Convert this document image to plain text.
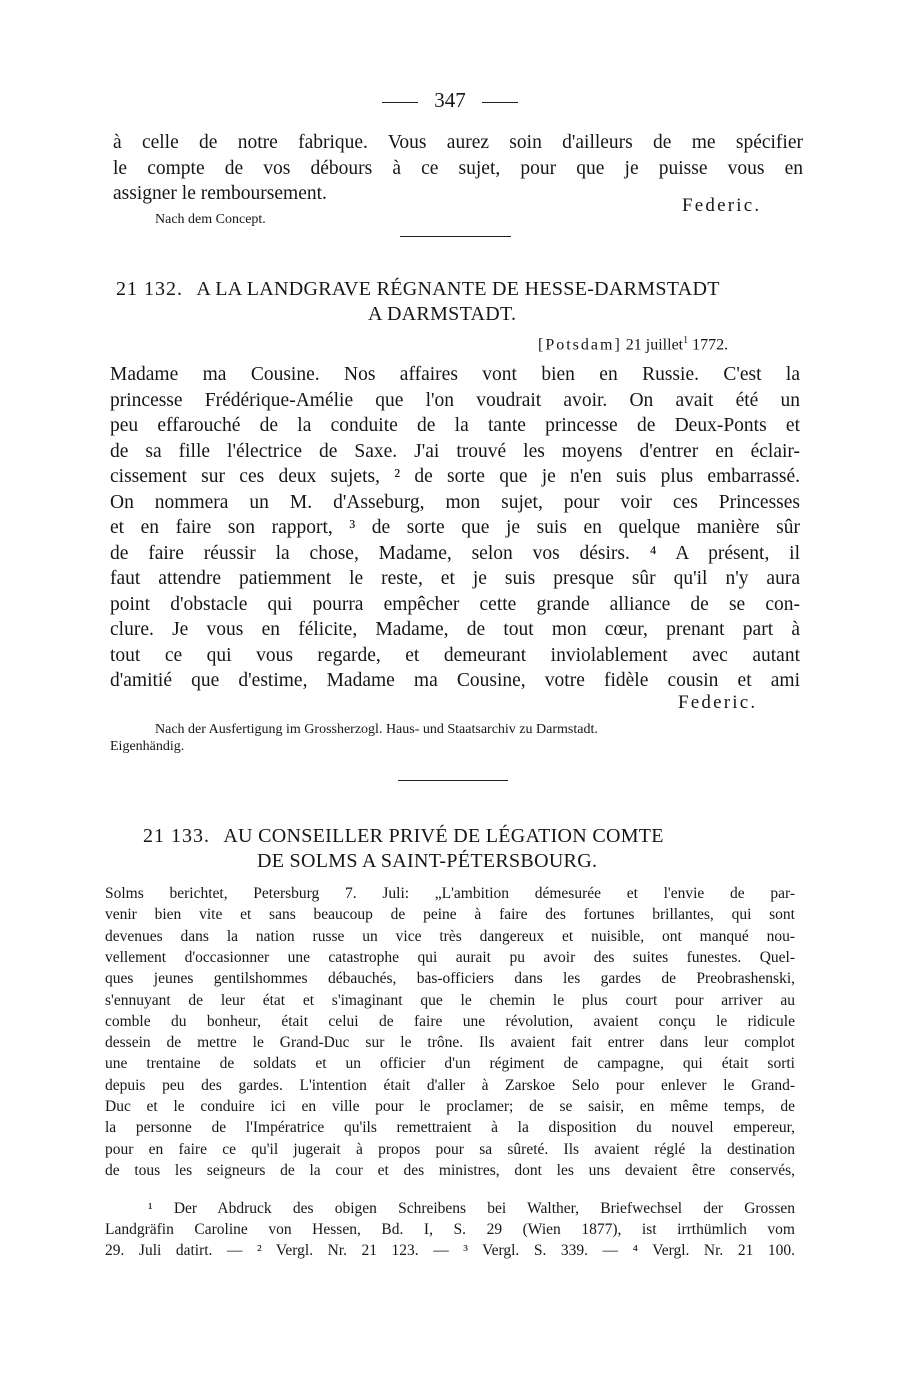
347
à celle de notre fabrique. Vous aurez soin d'ailleurs de me spécifier
le compte de vos débours à ce sujet, pour que je puisse vous en
assigner le remboursement.
Federic.
Nach dem Concept.
21 132. A LA LANDGRAVE RÉGNANTE DE HESSE-DARMSTADT
A DARMSTADT.
[Potsdam] 21 juillet$^1$ 1772.
Madame ma Cousine. Nos affaires vont bien en Russie. C'est la
princesse Frédérique-Amélie que l'on voudrait avoir. On avait été un
peu effarouché de la conduite de la tante princesse de Deux-Ponts et
de sa fille l'électrice de Saxe. J'ai trouvé les moyens d'entrer en éclair-
cissement sur ces deux sujets, ² de sorte que je n'en suis plus embarrassé.
On nommera un M. d'Asseburg, mon sujet, pour voir ces Princesses
et en faire son rapport, ³ de sorte que je suis en quelque manière sûr
de faire réussir la chose, Madame, selon vos désirs. ⁴ A présent, il
faut attendre patiemment le reste, et je suis presque sûr qu'il n'y aura
point d'obstacle qui pourra empêcher cette grande alliance de se con-
clure. Je vous en félicite, Madame, de tout mon cœur, prenant part à
tout ce qui vous regarde, et demeurant inviolablement avec autant
d'amitié que d'estime, Madame ma Cousine, votre fidèle cousin et ami
Federic.
Nach der Ausfertigung im Grossherzogl. Haus- und Staatsarchiv zu Darmstadt.
Eigenhändig.
21 133. AU CONSEILLER PRIVÉ DE LÉGATION COMTE
DE SOLMS A SAINT-PÉTERSBOURG.
Solms berichtet, Petersburg 7. Juli: „L'ambition démesurée et l'envie de par-
venir bien vite et sans beaucoup de peine à faire des fortunes brillantes, qui sont
devenues dans la nation russe un vice très dangereux et nuisible, ont manqué nou-
vellement d'occasionner une catastrophe qui aurait pu avoir des suites funestes. Quel-
ques jeunes gentilshommes débauchés, bas-officiers dans les gardes de Preobrashenski,
s'ennuyant de leur état et s'imaginant que le chemin le plus court pour arriver au
comble du bonheur, était celui de faire une révolution, avaient conçu le ridicule
dessein de mettre le Grand-Duc sur le trône. Ils avaient fait entrer dans leur complot
une trentaine de soldats et un officier d'un régiment de campagne, qui était sorti
depuis peu des gardes. L'intention était d'aller à Zarskoe Selo pour enlever le Grand-
Duc et le conduire ici en ville pour le proclamer; de se saisir, en même temps, de
la personne de l'Impératrice qu'ils remettraient à la disposition du nouvel empereur,
pour en faire ce qu'il jugerait à propos pour sa sûreté. Ils avaient réglé la destination
de tous les seigneurs de la cour et des ministres, dont les uns devaient être conservés,
¹ Der Abdruck des obigen Schreibens bei Walther, Briefwechsel der Grossen
Landgräfin Caroline von Hessen, Bd. I, S. 29 (Wien 1877), ist irrthümlich vom
29. Juli datirt. — ² Vergl. Nr. 21 123. — ³ Vergl. S. 339. — ⁴ Vergl. Nr. 21 100.
